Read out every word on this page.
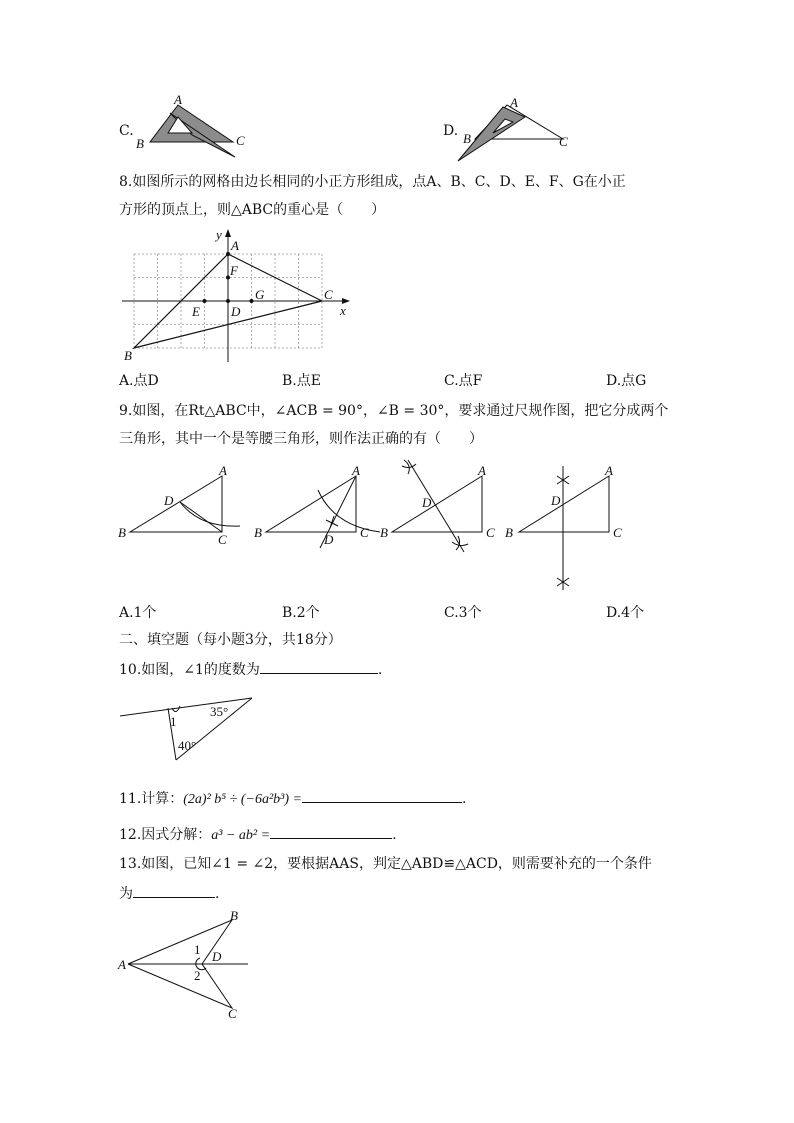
C.
A
B	C
D.
A
B	C
8.如图所示的网格由边长相同的小正方形组成，点A、B、C、D、E、F、G在小正
方形的顶点上，则△ABC的重心是（　　）
y
x
A
B
C
D
E
F
G
A.点D	B.点E	C.点F	D.点G
9.如图，在Rt△ABC中，∠ACB = 90°，∠B = 30°，要求通过尺规作图，把它分成两个
三角形，其中一个是等腰三角形，则作法正确的有（　　）
A
B	C
D
A
B	C
D
A
B	C
D
A
B	C
D
A.1个	B.2个	C.3个	D.4个
二、填空题（每小题3分，共18分）
10.如图，∠1的度数为	.
1
35°
40°
11.计算：(2a)² b⁵ ÷ (−6a²b³) =	.
12.因式分解：a³ − ab² =	.
13.如图，已知∠1 = ∠2，要根据AAS，判定△ABD≌△ACD，则需要补充的一个条件
为	.
A
B
C
D
1
2
